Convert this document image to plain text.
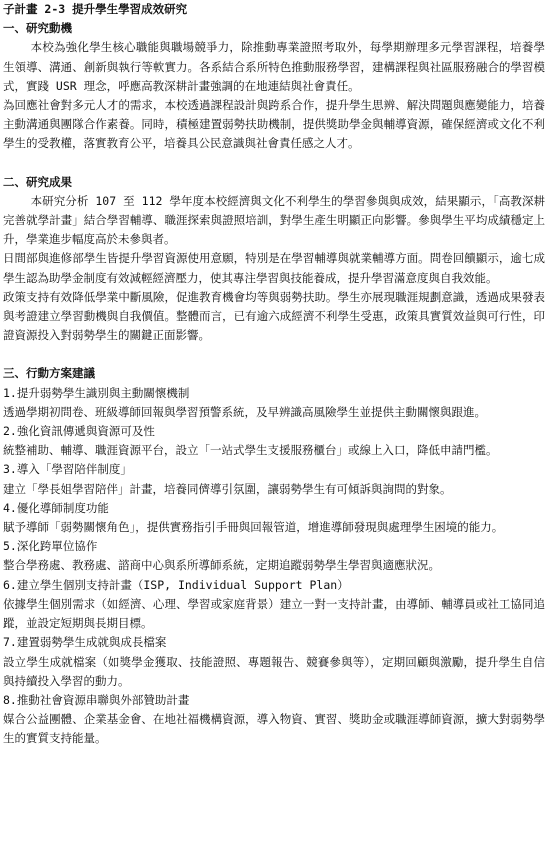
子計畫 2-3 提升學生學習成效研究
一、研究動機

本校為強化學生核心職能與職場競爭力，除推動專業證照考取外，每學期辦理多元學習課程，培養學生領導、溝通、創新與執行等軟實力。各系結合系所特色推動服務學習，建構課程與社區服務融合的學習模式，實踐 USR 理念，呼應高教深耕計畫強調的在地連結與社會責任。

為回應社會對多元人才的需求，本校透過課程設計與跨系合作，提升學生思辨、解決問題與應變能力，培養主動溝通與團隊合作素養。同時，積極建置弱勢扶助機制，提供獎助學金與輔導資源，確保經濟或文化不利學生的受教權，落實教育公平，培養具公民意識與社會責任感之人才。

二、研究成果

本研究分析 107 至 112 學年度本校經濟與文化不利學生的學習參與與成效，結果顯示，「高教深耕完善就學計畫」結合學習輔導、職涯探索與證照培訓，對學生產生明顯正向影響。參與學生平均成績穩定上升，學業進步幅度高於未參與者。

日間部與進修部學生皆提升學習資源使用意願，特別是在學習輔導與就業輔導方面。問卷回饋顯示，逾七成學生認為助學金制度有效減輕經濟壓力，使其專注學習與技能養成，提升學習滿意度與自我效能。

政策支持有效降低學業中斷風險，促進教育機會均等與弱勢扶助。學生亦展現職涯規劃意識，透過成果發表與考證建立學習動機與自我價值。整體而言，已有逾六成經濟不利學生受惠，政策具實質效益與可行性，印證資源投入對弱勢學生的關鍵正面影響。

三、行動方案建議
1.提升弱勢學生識別與主動關懷機制

透過學期初問卷、班級導師回報與學習預警系統，及早辨識高風險學生並提供主動關懷與跟進。

2.強化資訊傳遞與資源可及性

統整補助、輔導、職涯資源平台，設立「一站式學生支援服務櫃台」或線上入口，降低申請門檻。

3.導入「學習陪伴制度」

建立「學長姐學習陪伴」計畫，培養同儕導引氛圍，讓弱勢學生有可傾訴與詢問的對象。

4.優化導師制度功能

賦予導師「弱勢關懷角色」，提供實務指引手冊與回報管道，增進導師發現與處理學生困境的能力。

5.深化跨單位協作

整合學務處、教務處、諮商中心與系所導師系統，定期追蹤弱勢學生學習與適應狀況。

6.建立學生個別支持計畫（ISP, Individual Support Plan）

依據學生個別需求（如經濟、心理、學習或家庭背景）建立一對一支持計畫，由導師、輔導員或社工協同追蹤，並設定短期與長期目標。

7.建置弱勢學生成就與成長檔案

設立學生成就檔案（如獎學金獲取、技能證照、專題報告、競賽參與等），定期回顧與激勵，提升學生自信與持續投入學習的動力。

8.推動社會資源串聯與外部贊助計畫

媒合公益團體、企業基金會、在地社福機構資源，導入物資、實習、獎助金或職涯導師資源，擴大對弱勢學生的實質支持能量。
